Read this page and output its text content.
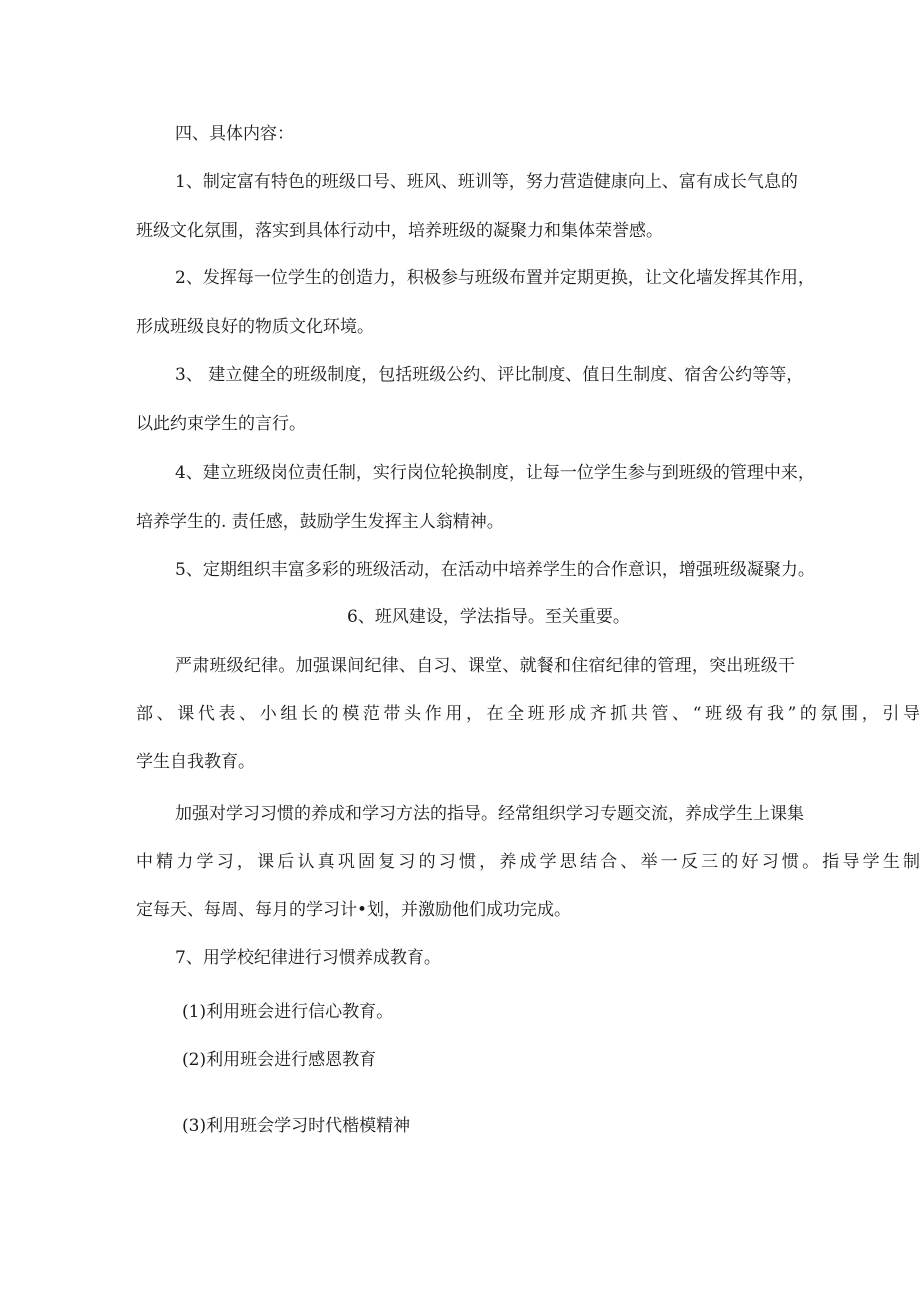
四、具体内容：
1、制定富有特色的班级口号、班风、班训等，努力营造健康向上、富有成长气息的
班级文化氛围，落实到具体行动中，培养班级的凝聚力和集体荣誉感。
2、发挥每一位学生的创造力，积极参与班级布置并定期更换，让文化墙发挥其作用，
形成班级良好的物质文化环境。
3、 建立健全的班级制度，包括班级公约、评比制度、值日生制度、宿舍公约等等，
以此约束学生的言行。
4、建立班级岗位责任制，实行岗位轮换制度，让每一位学生参与到班级的管理中来，
培养学生的. 责任感，鼓励学生发挥主人翁精神。
5、定期组织丰富多彩的班级活动，在活动中培养学生的合作意识，增强班级凝聚力。
6、班风建设，学法指导。至关重要。
严肃班级纪律。加强课间纪律、自习、课堂、就餐和住宿纪律的管理，突出班级干
部、课代表、小组长的模范带头作用，在全班形成齐抓共管、“班级有我”的氛围，引导
学生自我教育。
加强对学习习惯的养成和学习方法的指导。经常组织学习专题交流，养成学生上课集
中精力学习，课后认真巩固复习的习惯，养成学思结合、举一反三的好习惯。指导学生制
定每天、每周、每月的学习计•划，并激励他们成功完成。
7、用学校纪律进行习惯养成教育。
(1)利用班会进行信心教育。
(2)利用班会进行感恩教育
(3)利用班会学习时代楷模精神
